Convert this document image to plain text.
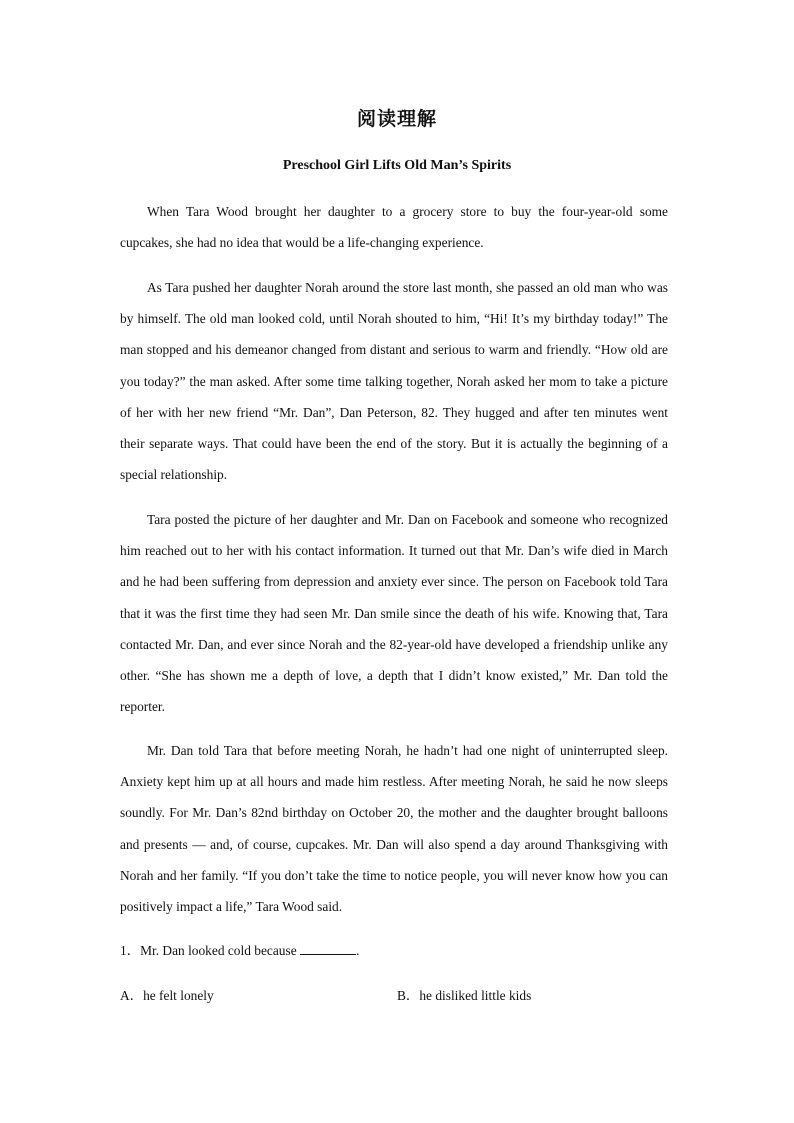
阅读理解
Preschool Girl Lifts Old Man’s Spirits

When Tara Wood brought her daughter to a grocery store to buy the four-year-old some cupcakes, she had no idea that would be a life-changing experience.

As Tara pushed her daughter Norah around the store last month, she passed an old man who was by himself. The old man looked cold, until Norah shouted to him, “Hi! It’s my birthday today!” The man stopped and his demeanor changed from distant and serious to warm and friendly. “How old are you today?” the man asked. After some time talking together, Norah asked her mom to take a picture of her with her new friend “Mr. Dan”, Dan Peterson, 82. They hugged and after ten minutes went their separate ways. That could have been the end of the story. But it is actually the beginning of a special relationship.

Tara posted the picture of her daughter and Mr. Dan on Facebook and someone who recognized him reached out to her with his contact information. It turned out that Mr. Dan’s wife died in March and he had been suffering from depression and anxiety ever since. The person on Facebook told Tara that it was the first time they had seen Mr. Dan smile since the death of his wife. Knowing that, Tara contacted Mr. Dan, and ever since Norah and the 82-year-old have developed a friendship unlike any other. “She has shown me a depth of love, a depth that I didn’t know existed,” Mr. Dan told the reporter.

Mr. Dan told Tara that before meeting Norah, he hadn’t had one night of uninterrupted sleep. Anxiety kept him up at all hours and made him restless. After meeting Norah, he said he now sleeps soundly. For Mr. Dan’s 82nd birthday on October 20, the mother and the daughter brought balloons and presents — and, of course, cupcakes. Mr. Dan will also spend a day around Thanksgiving with Norah and her family. “If you don’t take the time to notice people, you will never know how you can positively impact a life,” Tara Wood said.

1．Mr. Dan looked cold because	.
A．he felt lonely	B．he disliked little kids
